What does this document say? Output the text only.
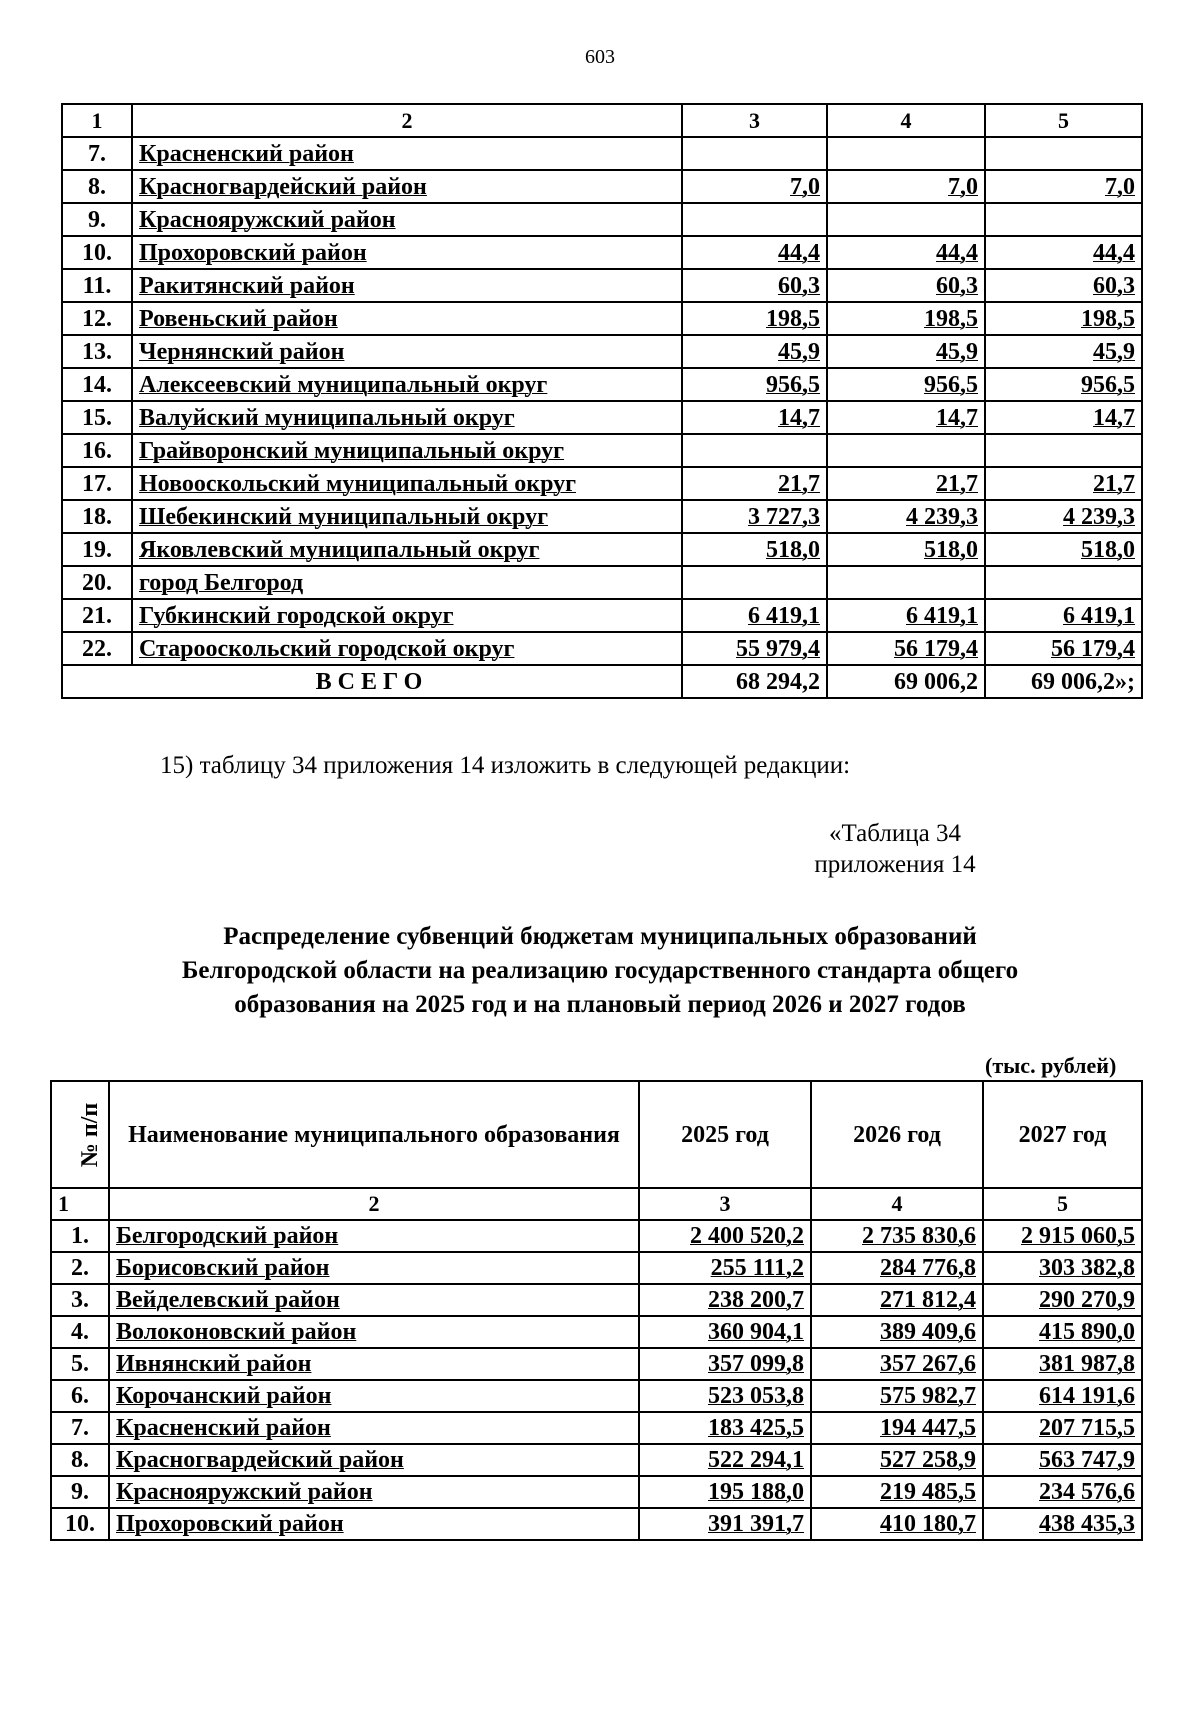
603
1	2	3	4	5
7.	Красненский район			
8.	Красногвардейский район	7,0	7,0	7,0
9.	Краснояружский район			
10.	Прохоровский район	44,4	44,4	44,4
11.	Ракитянский район	60,3	60,3	60,3
12.	Ровеньский район	198,5	198,5	198,5
13.	Чернянский район	45,9	45,9	45,9
14.	Алексеевский муниципальный округ	956,5	956,5	956,5
15.	Валуйский муниципальный округ	14,7	14,7	14,7
16.	Грайворонский муниципальный округ			
17.	Новооскольский муниципальный округ	21,7	21,7	21,7
18.	Шебекинский муниципальный округ	3 727,3	4 239,3	4 239,3
19.	Яковлевский муниципальный округ	518,0	518,0	518,0
20.	город Белгород			
21.	Губкинский городской округ	6 419,1	6 419,1	6 419,1
22.	Старооскольский городской округ	55 979,4	56 179,4	56 179,4
ВСЕГО		68 294,2	69 006,2	69 006,2»;

15) таблицу 34 приложения 14 изложить в следующей редакции:

«Таблица 34
приложения 14
Распределение субвенций бюджетам муниципальных образований
Белгородской области на реализацию государственного стандарта общего
образования на 2025 год и на плановый период 2026 и 2027 годов
(тыс. рублей)
№ п/п	Наименование муниципального образования	2025 год	2026 год	2027 год
1	2	3	4	5
1.	Белгородский район	2 400 520,2	2 735 830,6	2 915 060,5
2.	Борисовский район	255 111,2	284 776,8	303 382,8
3.	Вейделевский район	238 200,7	271 812,4	290 270,9
4.	Волоконовский район	360 904,1	389 409,6	415 890,0
5.	Ивнянский район	357 099,8	357 267,6	381 987,8
6.	Корочанский район	523 053,8	575 982,7	614 191,6
7.	Красненский район	183 425,5	194 447,5	207 715,5
8.	Красногвардейский район	522 294,1	527 258,9	563 747,9
9.	Краснояружский район	195 188,0	219 485,5	234 576,6
10.	Прохоровский район	391 391,7	410 180,7	438 435,3
